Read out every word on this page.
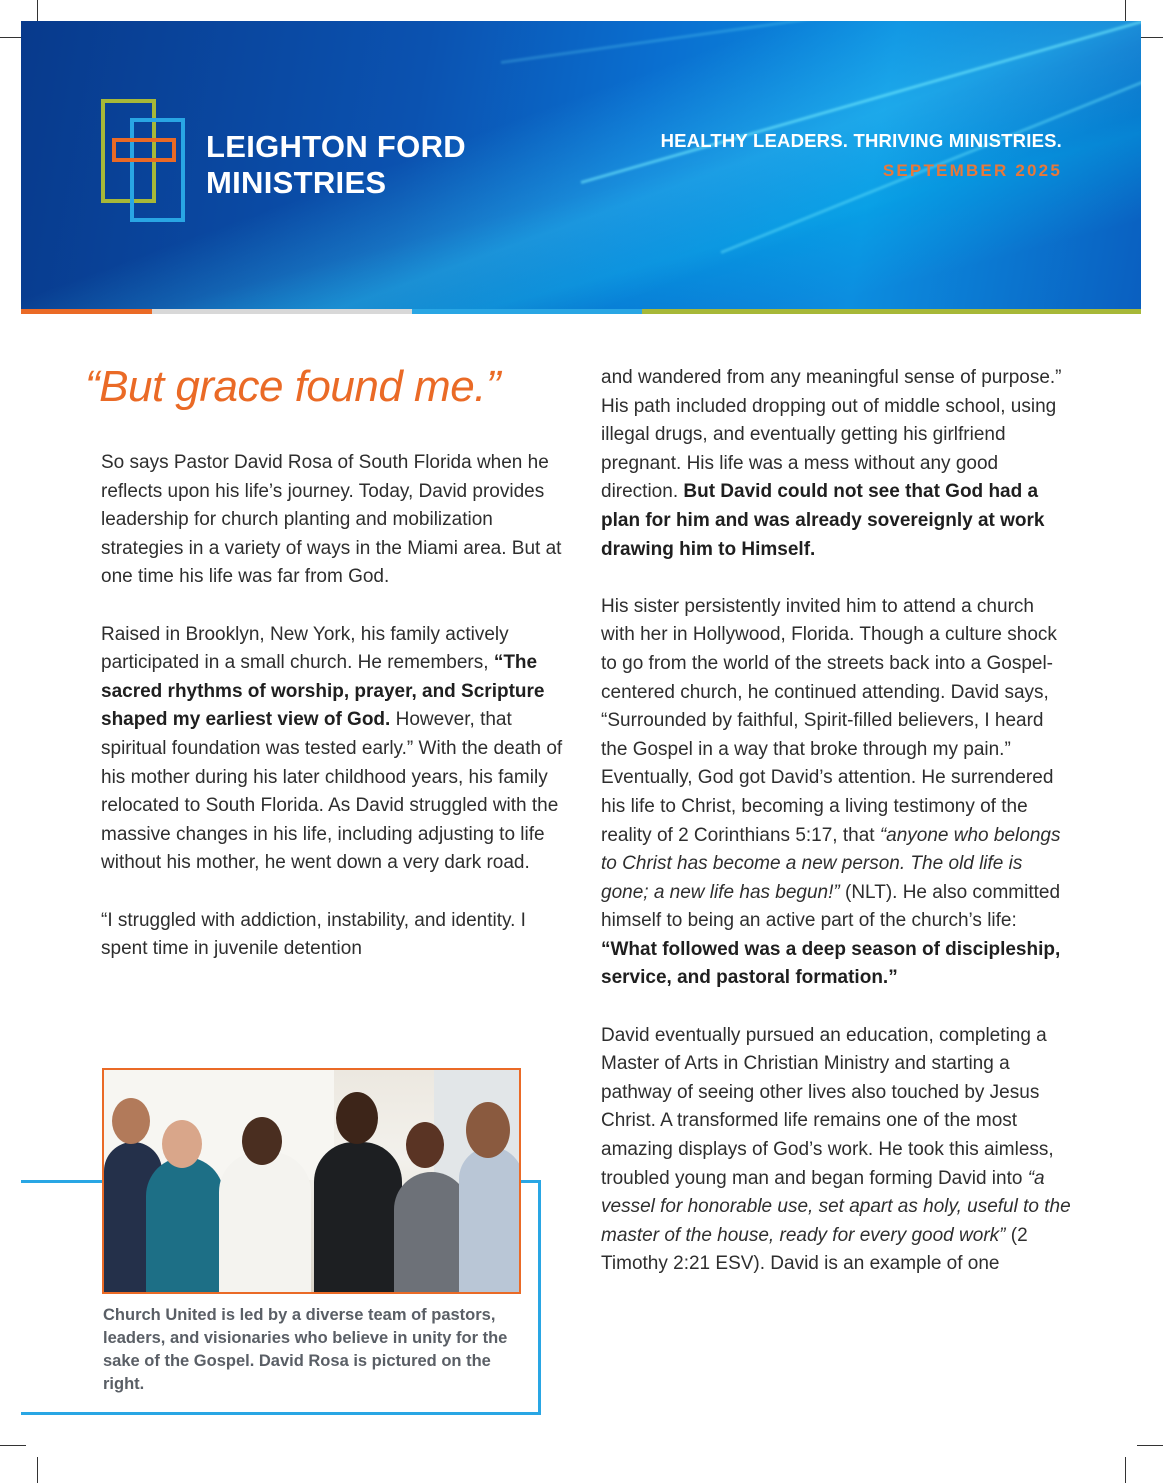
LEIGHTON FORD
MINISTRIES
HEALTHY LEADERS. THRIVING MINISTRIES.
SEPTEMBER 2025
“But grace found me.”

So says Pastor David Rosa of South Florida when he reflects upon his life’s journey. Today, David provides leadership for church planting and mobilization strategies in a variety of ways in the Miami area. But at one time his life was far from God.

Raised in Brooklyn, New York, his family actively participated in a small church. He remembers, “The sacred rhythms of worship, prayer, and Scripture shaped my earliest view of God. However, that spiritual foundation was tested early.” With the death of his mother during his later childhood years, his family relocated to South Florida. As David struggled with the massive changes in his life, including adjusting to life without his mother, he went down a very dark road.

“I struggled with addiction, instability, and identity. I spent time in juvenile detention

and wandered from any meaningful sense of purpose.” His path included dropping out of middle school, using illegal drugs, and eventually getting his girlfriend pregnant. His life was a mess without any good direction. But David could not see that God had a plan for him and was already sovereignly at work drawing him to Himself.

His sister persistently invited him to attend a church with her in Hollywood, Florida. Though a culture shock to go from the world of the streets back into a Gospel-centered church, he continued attending. David says, “Surrounded by faithful, Spirit-filled believers, I heard the Gospel in a way that broke through my pain.” Eventually, God got David’s attention. He surrendered his life to Christ, becoming a living testimony of the reality of 2 Corinthians 5:17, that “anyone who belongs to Christ has become a new person. The old life is gone; a new life has begun!” (NLT). He also committed himself to being an active part of the church’s life: “What followed was a deep season of discipleship, service, and pastoral formation.”

David eventually pursued an education, completing a Master of Arts in Christian Ministry and starting a pathway of seeing other lives also touched by Jesus Christ. A transformed life remains one of the most amazing displays of God’s work. He took this aimless, troubled young man and began forming David into “a vessel for honorable use, set apart as holy, useful to the master of the house, ready for every good work” (2 Timothy 2:21 ESV). David is an example of one

Church United is led by a diverse team of pastors, leaders, and visionaries who believe in unity for the sake of the Gospel. David Rosa is pictured on the right.
